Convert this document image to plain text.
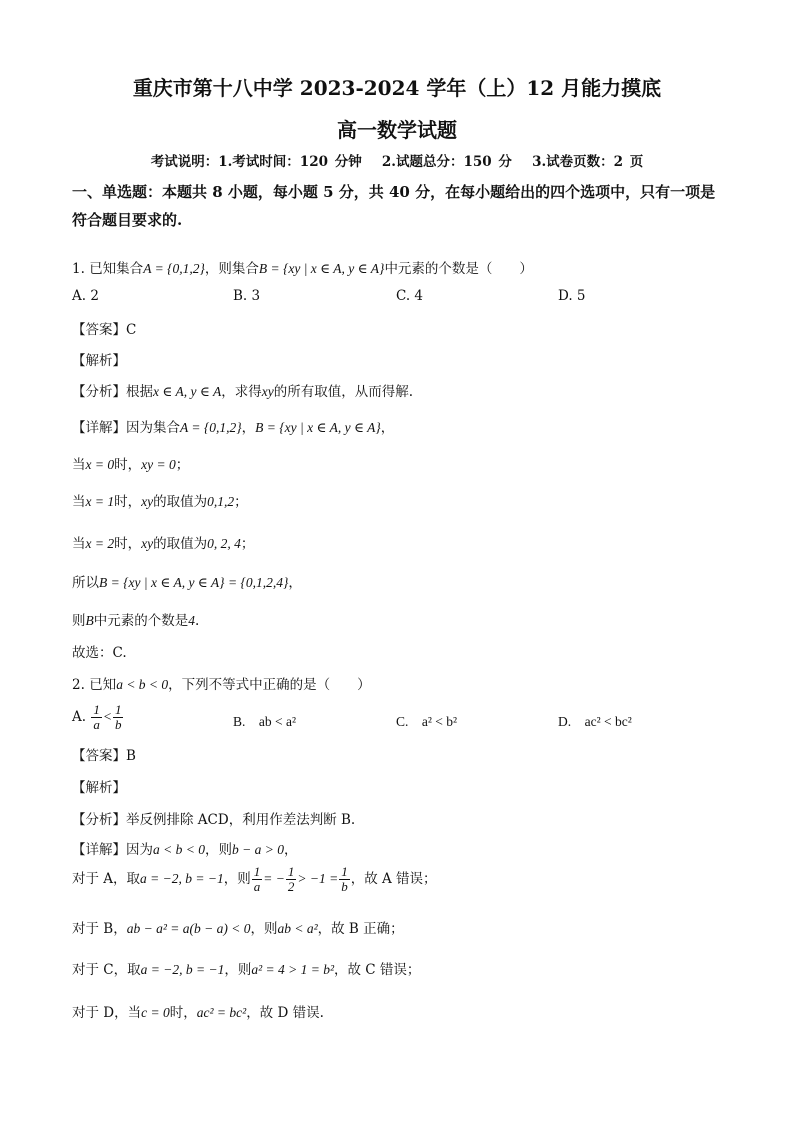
重庆市第十八中学 2023-2024 学年（上）12 月能力摸底
高一数学试题
考试说明：1.考试时间：120 分钟　 2.试题总分：150 分　 3.试卷页数：2 页
一、单选题：本题共 8 小题，每小题 5 分，共 40 分，在每小题给出的四个选项中，只有一项是符合题目要求的.
1. 已知集合A = {0,1,2}，则集合B = {xy | x ∈ A, y ∈ A}中元素的个数是（　　）
A. 2	B. 3	C. 4	D. 5
【答案】C
【解析】
【分析】根据x ∈ A, y ∈ A，求得xy的所有取值，从而得解.
【详解】因为集合A = {0,1,2}，B = {xy | x ∈ A, y ∈ A}，
当x = 0时，xy = 0；
当x = 1时，xy的取值为0,1,2；
当x = 2时，xy的取值为0, 2, 4；
所以B = {xy | x ∈ A, y ∈ A} = {0,1,2,4}，
则B中元素的个数是4.
故选：C.
2. 已知a < b < 0，下列不等式中正确的是（　　）
A. $\frac{1}{a} < \frac{1}{b}$	B.　ab < a²	C.　a² < b²	D.　ac² < bc²
【答案】B
【解析】
【分析】举反例排除 ACD，利用作差法判断 B.
【详解】因为a < b < 0，则b − a > 0，
对于 A，取a = −2, b = −1，则 $\frac{1}{a}$ = − $\frac{1}{2} > -1 = \frac{1}{b}$ ，故 A 错误；
对于 B，ab − a² = a(b − a) < 0，则ab < a²，故 B 正确；
对于 C，取a = −2, b = −1，则a² = 4 > 1 = b²，故 C 错误；
对于 D，当c = 0时，ac² = bc²，故 D 错误.
